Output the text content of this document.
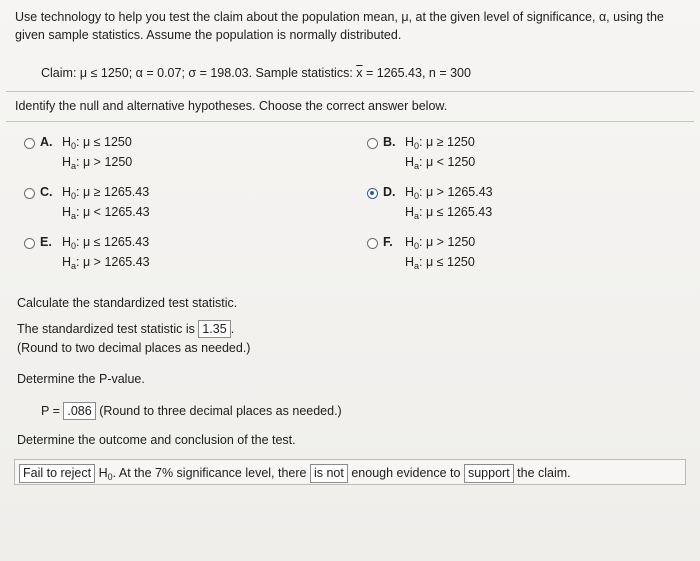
Use technology to help you test the claim about the population mean, μ, at the given level of significance, α, using the
given sample statistics. Assume the population is normally distributed.
Claim: μ ≤ 1250; α = 0.07; σ = 198.03. Sample statistics: $\overline{x} = 1265.43$, n = 300
Identify the null and alternative hypotheses. Choose the correct answer below.
A. $H_0$: μ ≤ 1250
$H_a$: μ > 1250
B. $H_0$: μ ≥ 1250
$H_a$: μ < 1250
C. $H_0$: μ ≥ 1265.43
$H_a$: μ < 1265.43
D. $H_0$: μ > 1265.43
$H_a$: μ ≤ 1265.43
E. $H_0$: μ ≤ 1265.43
$H_a$: μ > 1265.43
F. $H_0$: μ > 1250
$H_a$: μ ≤ 1250
Calculate the standardized test statistic.
The standardized test statistic is 1.35 .
(Round to two decimal places as needed.)
Determine the P-value.
P = .086 (Round to three decimal places as needed.)
Determine the outcome and conclusion of the test.
Fail to reject $H_0$. At the 7% significance level, there is not enough evidence to support the claim.
